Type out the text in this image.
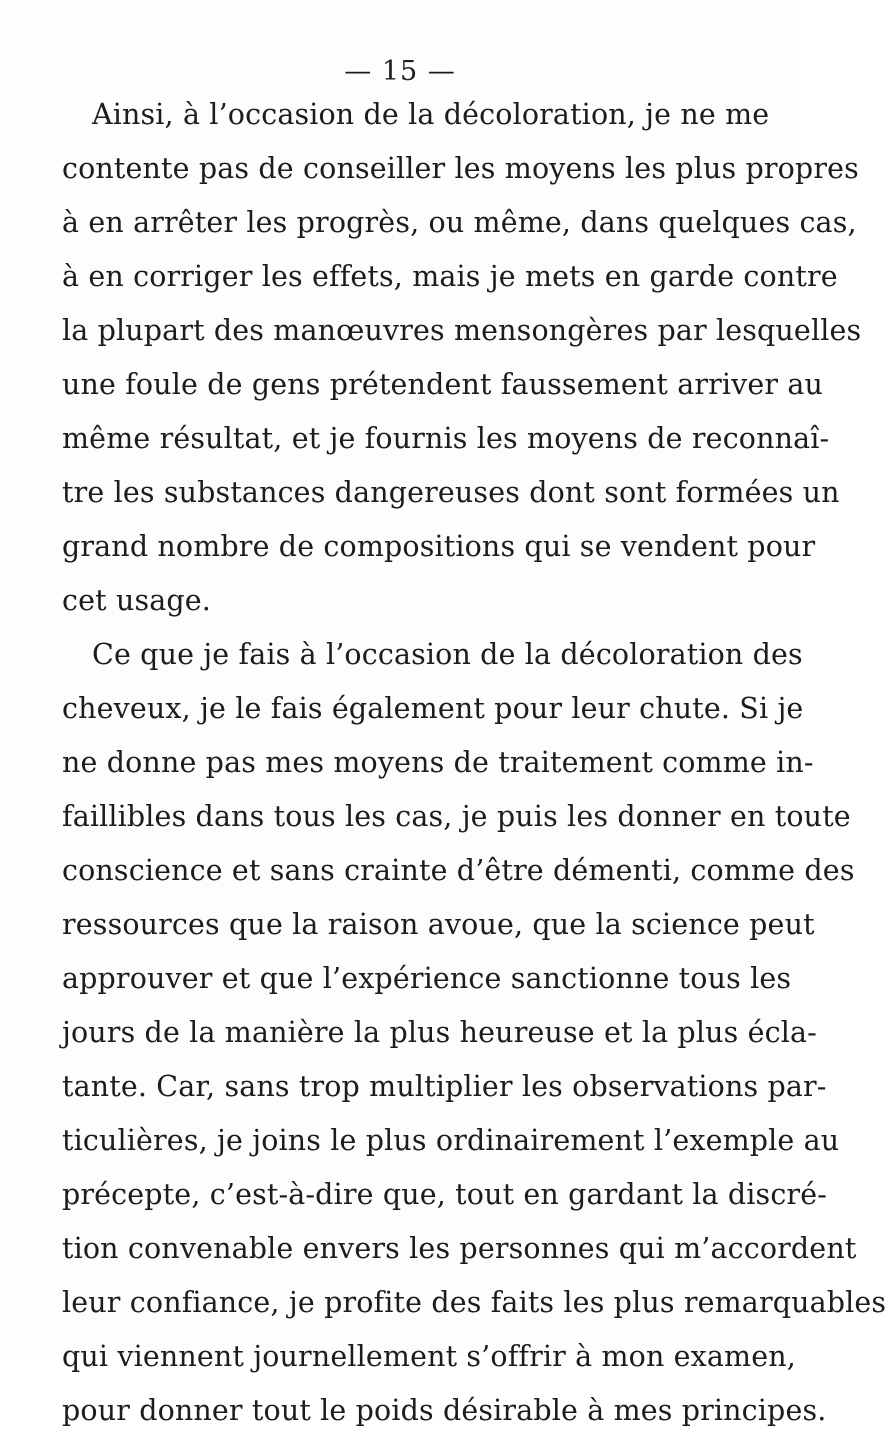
— 15 —
Ainsi, à l’occasion de la décoloration, je ne me
contente pas de conseiller les moyens les plus propres
à en arrêter les progrès, ou même, dans quelques cas,
à en corriger les effets, mais je mets en garde contre
la plupart des manœuvres mensongères par lesquelles
une foule de gens prétendent faussement arriver au
même résultat, et je fournis les moyens de reconnaî-
tre les substances dangereuses dont sont formées un
grand nombre de compositions qui se vendent pour
cet usage.
Ce que je fais à l’occasion de la décoloration des
cheveux, je le fais également pour leur chute. Si je
ne donne pas mes moyens de traitement comme in-
faillibles dans tous les cas, je puis les donner en toute
conscience et sans crainte d’être démenti, comme des
ressources que la raison avoue, que la science peut
approuver et que l’expérience sanctionne tous les
jours de la manière la plus heureuse et la plus écla-
tante. Car, sans trop multiplier les observations par-
ticulières, je joins le plus ordinairement l’exemple au
précepte, c’est-à-dire que, tout en gardant la discré-
tion convenable envers les personnes qui m’accordent
leur confiance, je profite des faits les plus remarquables
qui viennent journellement s’offrir à mon examen,
pour donner tout le poids désirable à mes principes.
